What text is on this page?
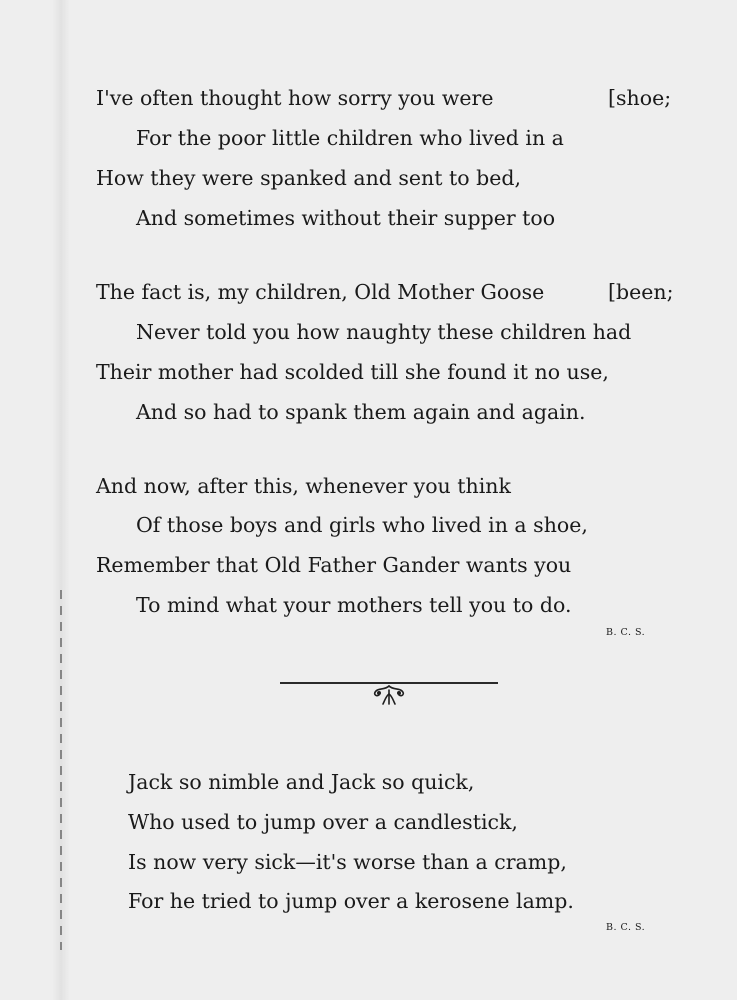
I've often thought how sorry you were	[shoe;
For the poor little children who lived in a
How they were spanked and sent to bed,
And sometimes without their supper too
The fact is, my children, Old Mother Goose	[been;
Never told you how naughty these children had
Their mother had scolded till she found it no use,
And so had to spank them again and again.
And now, after this, whenever you think
Of those boys and girls who lived in a shoe,
Remember that Old Father Gander wants you
To mind what your mothers tell you to do.
B. C. S.
Jack so nimble and Jack so quick,
Who used to jump over a candlestick,
Is now very sick—it's worse than a cramp,
For he tried to jump over a kerosene lamp.
B. C. S.
